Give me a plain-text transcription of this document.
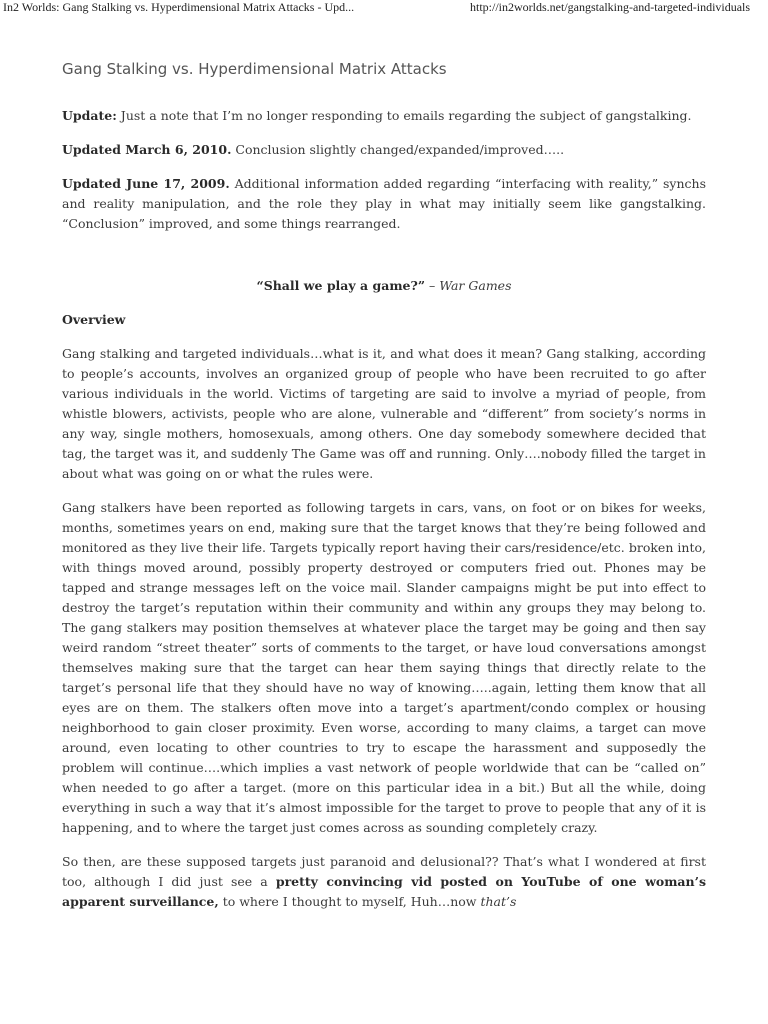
In2 Worlds: Gang Stalking vs. Hyperdimensional Matrix Attacks - Upd...	http://in2worlds.net/gangstalking-and-targeted-individuals
Gang Stalking vs. Hyperdimensional Matrix Attacks

Update: Just a note that I’m no longer responding to emails regarding the subject of gangstalking.

Updated March 6, 2010. Conclusion slightly changed/expanded/improved…..

Updated June 17, 2009. Additional information added regarding “interfacing with reality,” synchs and reality manipulation, and the role they play in what may initially seem like gangstalking. “Conclusion” improved, and some things rearranged.

“Shall we play a game?” – War Games

Overview

Gang stalking and targeted individuals…what is it, and what does it mean? Gang stalking, according to people’s accounts, involves an organized group of people who have been recruited to go after various individuals in the world. Victims of targeting are said to involve a myriad of people, from whistle blowers, activists, people who are alone, vulnerable and “different” from society’s norms in any way, single mothers, homosexuals, among others. One day somebody somewhere decided that tag, the target was it, and suddenly The Game was off and running. Only….nobody filled the target in about what was going on or what the rules were.

Gang stalkers have been reported as following targets in cars, vans, on foot or on bikes for weeks, months, sometimes years on end, making sure that the target knows that they’re being followed and monitored as they live their life. Targets typically report having their cars/residence/etc. broken into, with things moved around, possibly property destroyed or computers fried out. Phones may be tapped and strange messages left on the voice mail. Slander campaigns might be put into effect to destroy the target’s reputation within their community and within any groups they may belong to. The gang stalkers may position themselves at whatever place the target may be going and then say weird random “street theater” sorts of comments to the target, or have loud conversations amongst themselves making sure that the target can hear them saying things that directly relate to the target’s personal life that they should have no way of knowing…..again, letting them know that all eyes are on them. The stalkers often move into a target’s apartment/condo complex or housing neighborhood to gain closer proximity. Even worse, according to many claims, a target can move around, even locating to other countries to try to escape the harassment and supposedly the problem will continue….which implies a vast network of people worldwide that can be “called on” when needed to go after a target. (more on this particular idea in a bit.) But all the while, doing everything in such a way that it’s almost impossible for the target to prove to people that any of it is happening, and to where the target just comes across as sounding completely crazy.

So then, are these supposed targets just paranoid and delusional?? That’s what I wondered at first too, although I did just see a pretty convincing vid posted on YouTube of one woman’s apparent surveillance, to where I thought to myself, Huh…now that’s
